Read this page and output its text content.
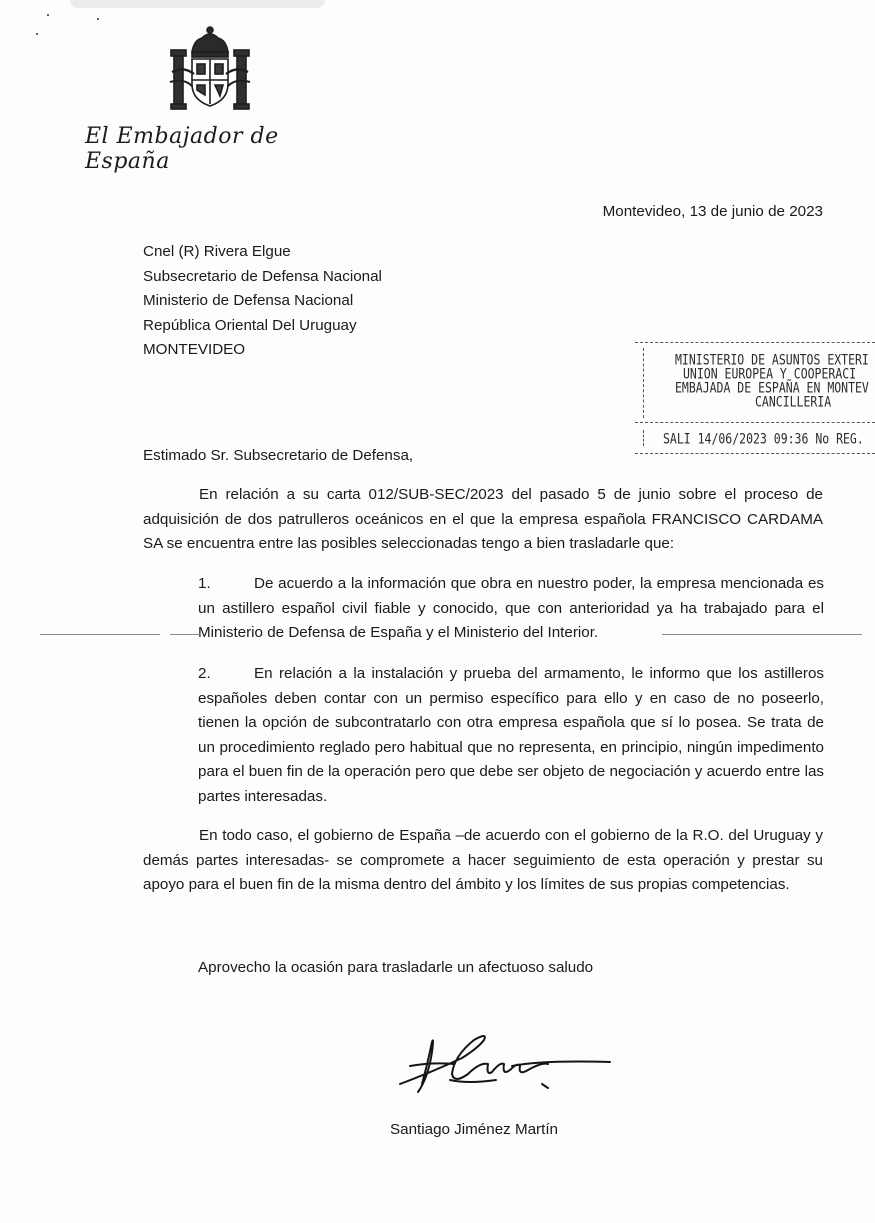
El Embajador de España
Montevideo, 13 de junio de 2023
Cnel (R) Rivera Elgue
Subsecretario de Defensa Nacional
Ministerio de Defensa Nacional
República Oriental Del Uruguay
MONTEVIDEO
MINISTERIO DE ASUNTOS EXTERI
UNION EUROPEA Y COOPERACI
EMBAJADA DE ESPAÑA EN MONTEV
CANCILLERIA
SALI 14/06/2023 09:36 No REG.
Estimado Sr. Subsecretario de Defensa,
En relación a su carta 012/SUB-SEC/2023 del pasado 5 de junio sobre el proceso de adquisición de dos patrulleros oceánicos en el que la empresa española FRANCISCO CARDAMA SA se encuentra entre las posibles seleccionadas tengo a bien trasladarle que:
1.	De acuerdo a la información que obra en nuestro poder, la empresa mencionada es un astillero español civil fiable y conocido, que con anterioridad ya ha trabajado para el Ministerio de Defensa de España y el Ministerio del Interior.
2.	En relación a la instalación y prueba del armamento, le informo que los astilleros españoles deben contar con un permiso específico para ello y en caso de no poseerlo, tienen la opción de subcontratarlo con otra empresa española que sí lo posea. Se trata de un procedimiento reglado pero habitual que no representa, en principio, ningún impedimento para el buen fin de la operación pero que debe ser objeto de negociación y acuerdo entre las partes interesadas.
En todo caso, el gobierno de España –de acuerdo con el gobierno de la R.O. del Uruguay y demás partes interesadas- se compromete a hacer seguimiento de esta operación y prestar su apoyo para el buen fin de la misma dentro del ámbito y los límites de sus propias competencias.
Aprovecho la ocasión para trasladarle un afectuoso saludo
Santiago Jiménez Martín
